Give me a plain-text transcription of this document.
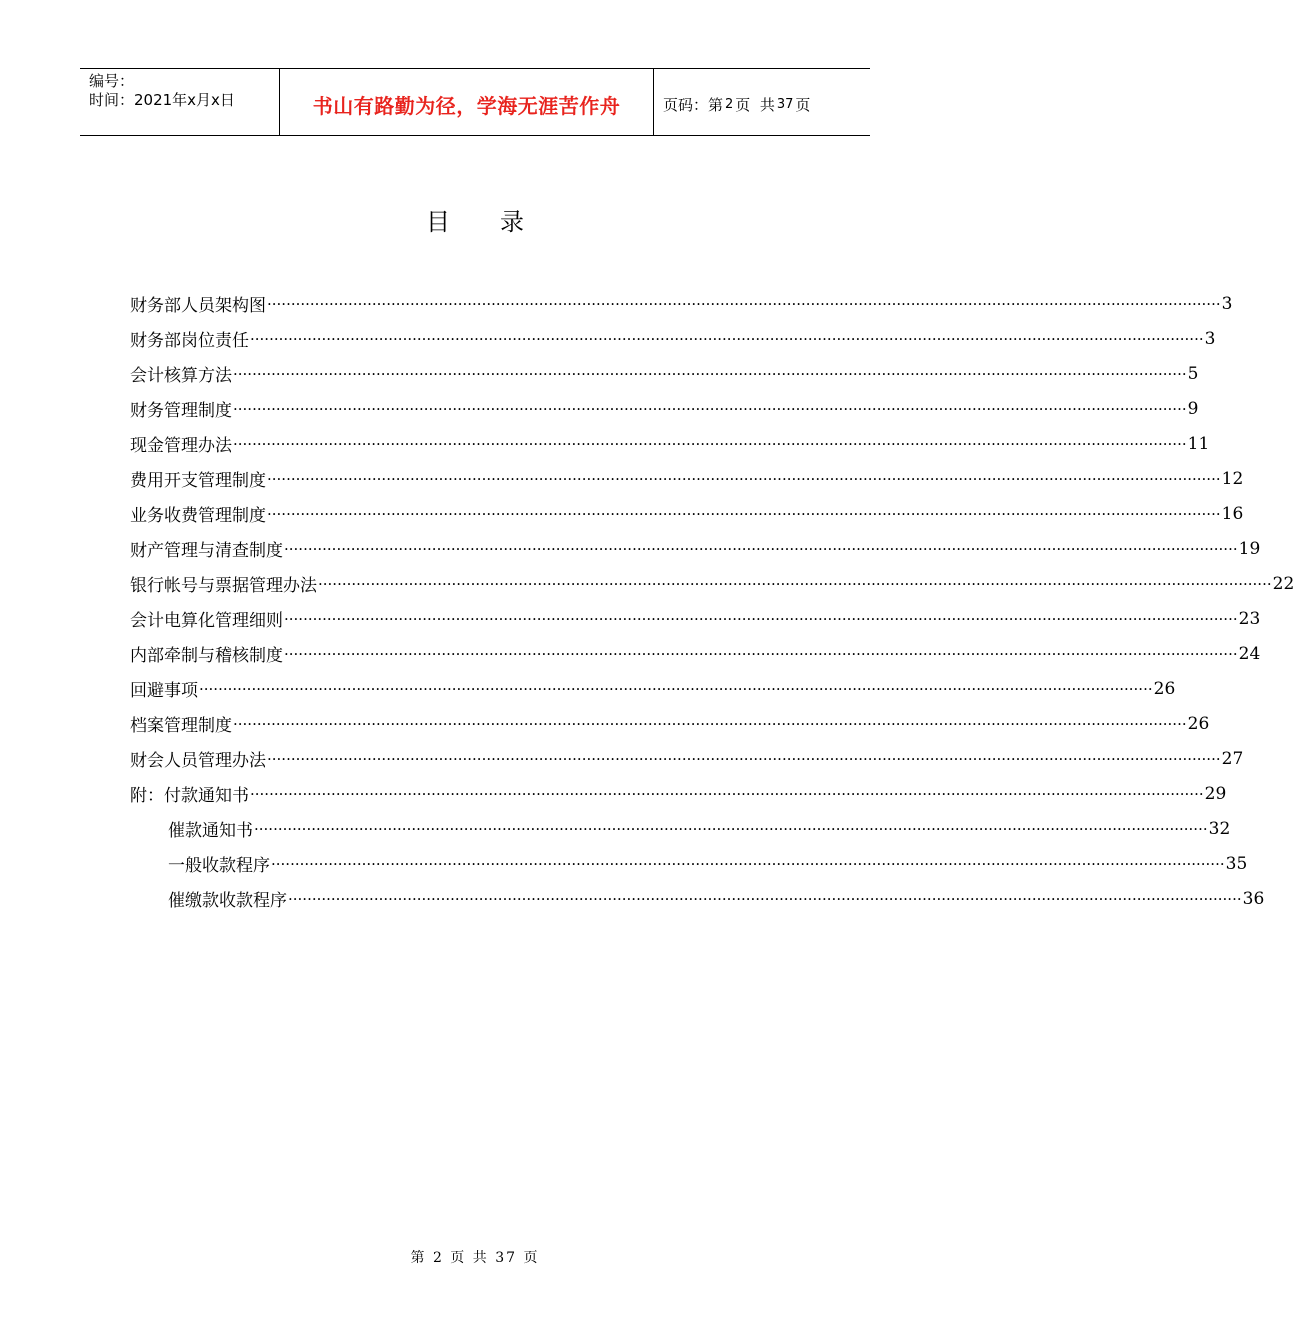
编号：
时间：2021年x月x日	书山有路勤为径，学海无涯苦作舟	页码：第 2 页  共 37 页
目录
财务部人员架构图 ········································································································································································································ 3
财务部岗位责任 ········································································································································································································ 3
会计核算方法 ········································································································································································································ 5
财务管理制度 ········································································································································································································ 9
现金管理办法 ········································································································································································································ 11
费用开支管理制度 ········································································································································································································ 12
业务收费管理制度 ········································································································································································································ 16
财产管理与清查制度 ········································································································································································································ 19
银行帐号与票据管理办法 ········································································································································································································ 22
会计电算化管理细则 ········································································································································································································ 23
内部牵制与稽核制度 ········································································································································································································ 24
回避事项 ········································································································································································································ 26
档案管理制度 ········································································································································································································ 26
财会人员管理办法 ········································································································································································································ 27
附：付款通知书 ········································································································································································································ 29
催款通知书 ········································································································································································································ 32
一般收款程序 ········································································································································································································ 35
催缴款收款程序 ········································································································································································································ 36
第 2 页 共 37 页
